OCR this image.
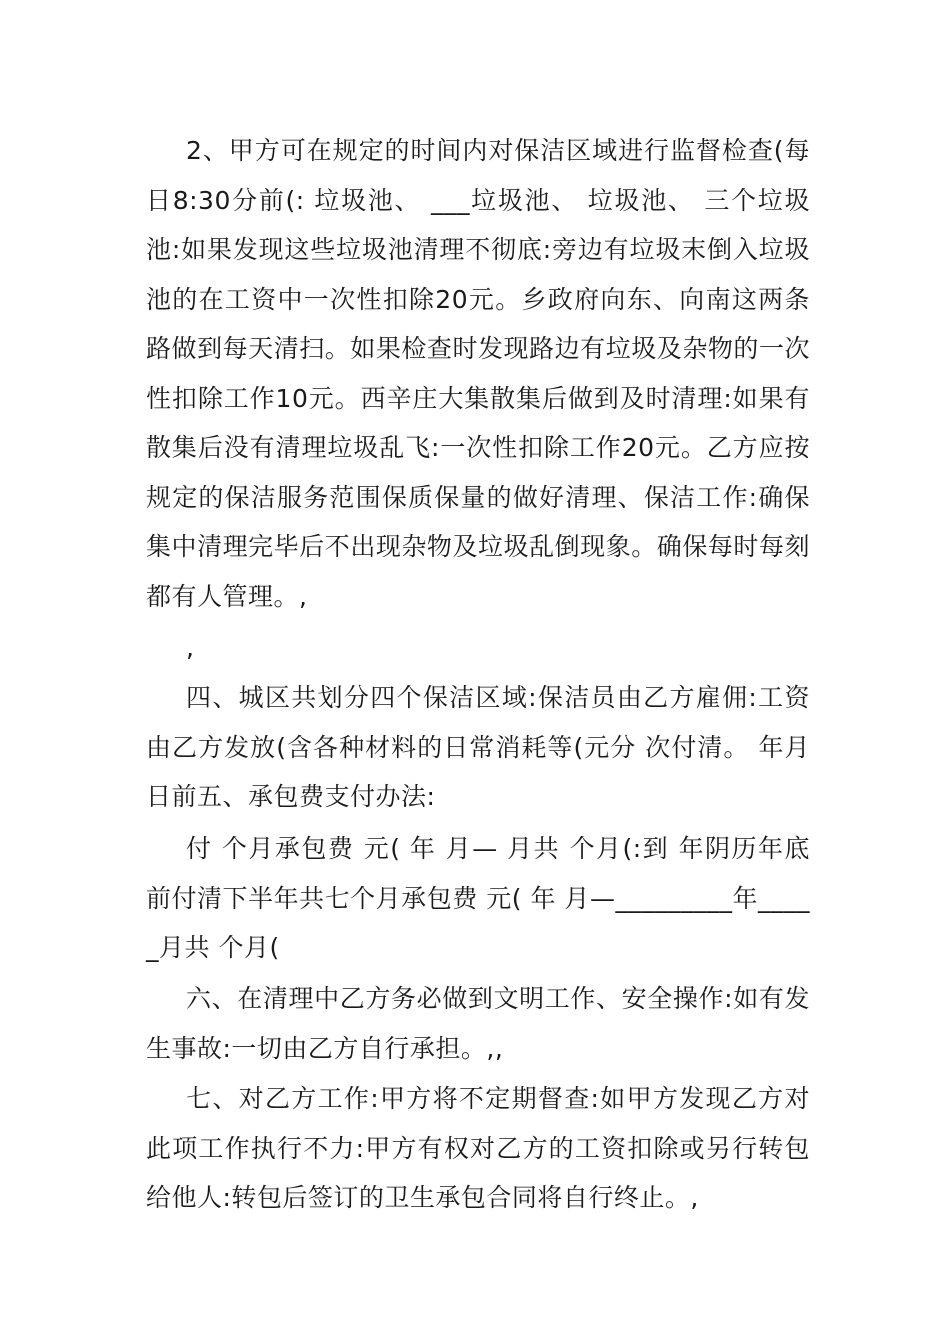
2、甲方可在规定的时间内对保洁区域进行监督检查(每日8:30分前(: 垃圾池、 ___垃圾池、 垃圾池、 三个垃圾池:如果发现这些垃圾池清理不彻底:旁边有垃圾末倒入垃圾池的在工资中一次性扣除20元。乡政府向东、向南这两条路做到每天清扫。如果检查时发现路边有垃圾及杂物的一次性扣除工作10元。西辛庄大集散集后做到及时清理:如果有散集后没有清理垃圾乱飞:一次性扣除工作20元。乙方应按规定的保洁服务范围保质保量的做好清理、保洁工作:确保集中清理完毕后不出现杂物及垃圾乱倒现象。确保每时每刻都有人管理。,

,

四、城区共划分四个保洁区域:保洁员由乙方雇佣:工资由乙方发放(含各种材料的日常消耗等(元分 次付清。 年月 日前五、承包费支付办法:

付 个月承包费 元( 年 月— 月共 个月(:到 年阴历年底前付清下半年共七个月承包费 元( 年 月—_________年_____月共 个月(

六、在清理中乙方务必做到文明工作、安全操作:如有发生事故:一切由乙方自行承担。,,

七、对乙方工作:甲方将不定期督查:如甲方发现乙方对此项工作执行不力:甲方有权对乙方的工资扣除或另行转包给他人:转包后签订的卫生承包合同将自行终止。,
